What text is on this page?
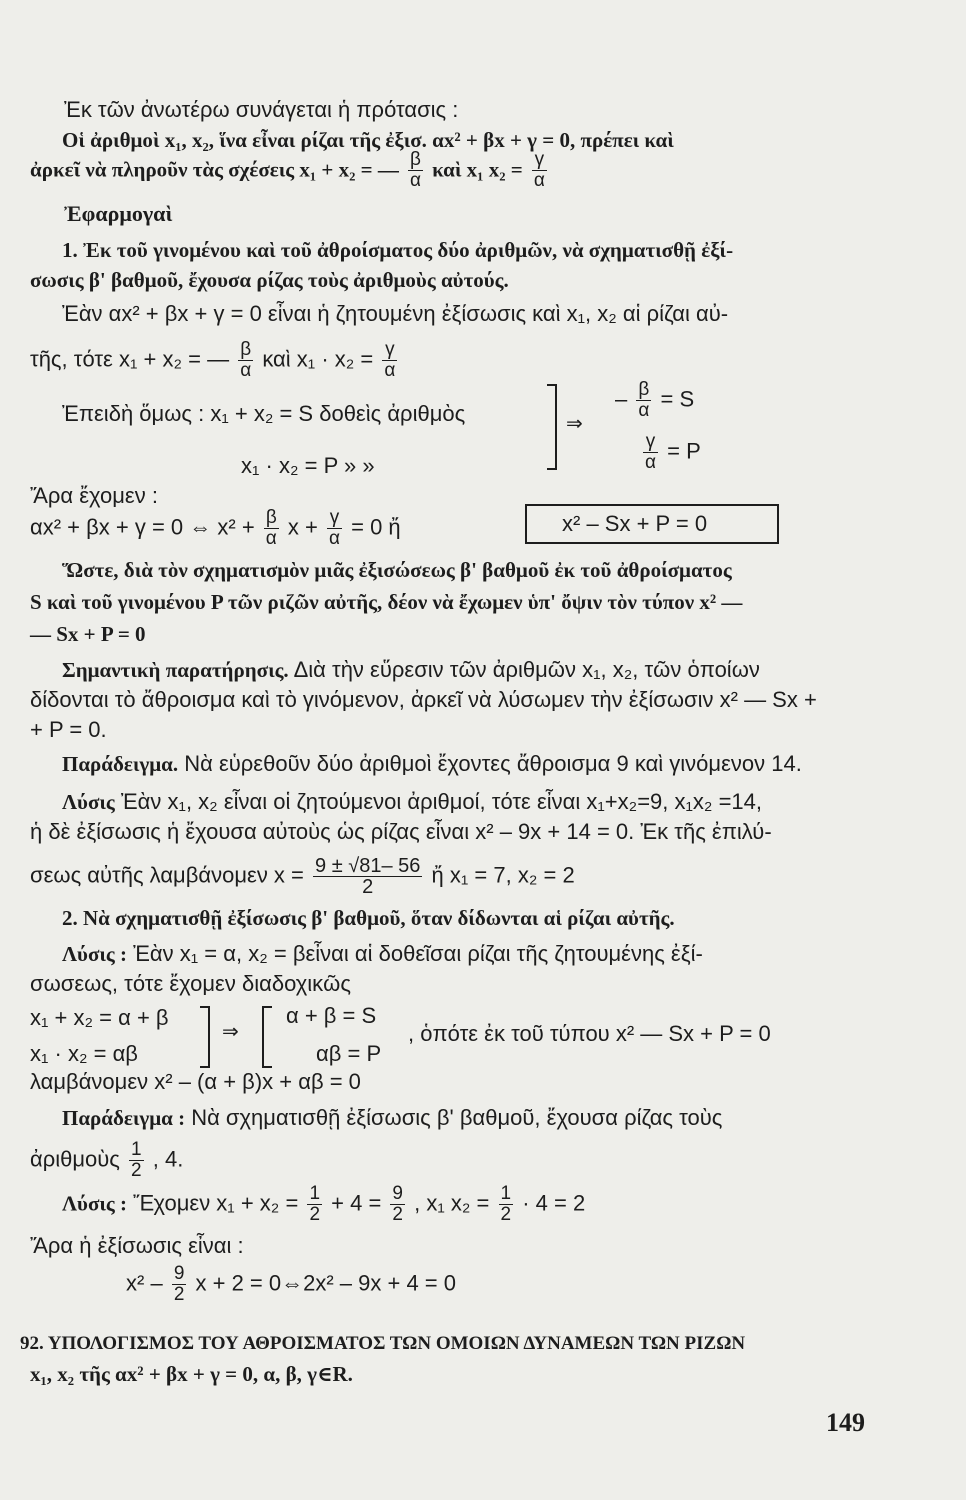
Ἐκ τῶν ἀνωτέρω συνάγεται ἡ πρότασις :
Οἱ ἀριθμοὶ x₁, x₂, ἵνα εἶναι ρίζαι τῆς ἐξισ. αx² + βx + γ = 0, πρέπει καὶ
ἀρκεῖ νὰ πληροῦν τὰς σχέσεις x₁ + x₂ = — $\frac{\beta}{\alpha}$ καὶ x₁ $x_2 = \frac{\gamma}{\alpha}$
Ἐφαρμογαὶ
1. Ἐκ τοῦ γινομένου καὶ τοῦ ἀθροίσματος δύο ἀριθμῶν, νὰ σχηματισθῇ ἐξί-
σωσις β' βαθμοῦ, ἔχουσα ρίζας τοὺς ἀριθμοὺς αὐτούς.
Ἐὰν αx² + βx + γ = 0 εἶναι ἡ ζητουμένη ἐξίσωσις καὶ x₁, x₂ αἱ ρίζαι αὐ-
τῆς, τότε x₁ + x₂ = — $\frac{\beta}{\alpha}$ καὶ $x_1 \cdot x_2 = \frac{\gamma}{\alpha}$
Ἐπειδὴ ὅμως : x₁ + x₂ = S δοθεὶς ἀριθμὸς
x₁ · x₂ = P » »
⇒
– $\frac{\beta}{\alpha} = S$
$\frac{\gamma}{\alpha} = P$
Ἄρα ἔχομεν :
αx² + βx + γ = 0 ⇔ $x^2 + \frac{\beta}{\alpha}$ $x + \frac{\gamma}{\alpha} = 0$ ἤ	x² – Sx + P = 0
Ὥστε, διὰ τὸν σχηματισμὸν μιᾶς ἐξισώσεως β' βαθμοῦ ἐκ τοῦ ἀθροίσματος
S καὶ τοῦ γινομένου P τῶν ριζῶν αὐτῆς, δέον νὰ ἔχωμεν ὑπ' ὄψιν τὸν τύπον x² —
— Sx + P = 0
Σημαντικὴ παρατήρησις. Διὰ τὴν εὕρεσιν τῶν ἀριθμῶν x₁, x₂, τῶν ὁποίων
δίδονται τὸ ἄθροισμα καὶ τὸ γινόμενον, ἀρκεῖ νὰ λύσωμεν τὴν ἐξίσωσιν x² — Sx +
+ P = 0.
Παράδειγμα. Νὰ εὑρεθοῦν δύο ἀριθμοὶ ἔχοντες ἄθροισμα 9 καὶ γινόμενον 14.
Λύσις Ἐὰν x₁, x₂ εἶναι οἱ ζητούμενοι ἀριθμοί, τότε εἶναι x₁+x₂=9, x₁x₂ =14,
ἡ δὲ ἐξίσωσις ἡ ἔχουσα αὐτοὺς ὡς ρίζας εἶναι x² – 9x + 14 = 0. Ἐκ τῆς ἐπιλύ-
σεως αὐτῆς λαμβάνομεν $x = \frac{9 \pm √81- 56}{2}$ ἤ x₁ = 7, x₂ = 2
2. Νὰ σχηματισθῇ ἐξίσωσις β' βαθμοῦ, ὅταν δίδωνται αἱ ρίζαι αὐτῆς.
Λύσις : Ἐὰν x₁ = α, x₂ = βεἶναι αἱ δοθεῖσαι ρίζαι τῆς ζητουμένης ἐξί-
σωσεως, τότε ἔχομεν διαδοχικῶς
x₁ + x₂ = α + β
x₁ · x₂ = αβ
⇒
α + β = S
αβ = P
, ὁπότε ἐκ τοῦ τύπου x² — Sx + P = 0
λαμβάνομεν x² – (α + β)x + αβ = 0
Παράδειγμα : Νὰ σχηματισθῇ ἐξίσωσις β' βαθμοῦ, ἔχουσα ρίζας τοὺς
ἀριθμοὺς $\frac{1}{2}$ , 4.
Λύσις : Ἔχομεν $x_1 + x_2 = \frac{1}{2} + 4 = \frac{9}{2}$ , x₁ $x_2 = \frac{1}{2} \cdot 4 = 2$
Ἄρα ἡ ἐξίσωσις εἶναι :
$x^2 - \frac{9}{2}$ x + 2 = 0⇔2x² – 9x + 4 = 0
92. ΥΠΟΛΟΓΙΣΜΟΣ ΤΟΥ ΑΘΡΟΙΣΜΑΤΟΣ ΤΩΝ ΟΜΟΙΩΝ ΔΥΝΑΜΕΩΝ ΤΩΝ ΡΙΖΩΝ
x₁, x₂ τῆς αx² + βx + γ = 0, α, β, γ∈R.
149
